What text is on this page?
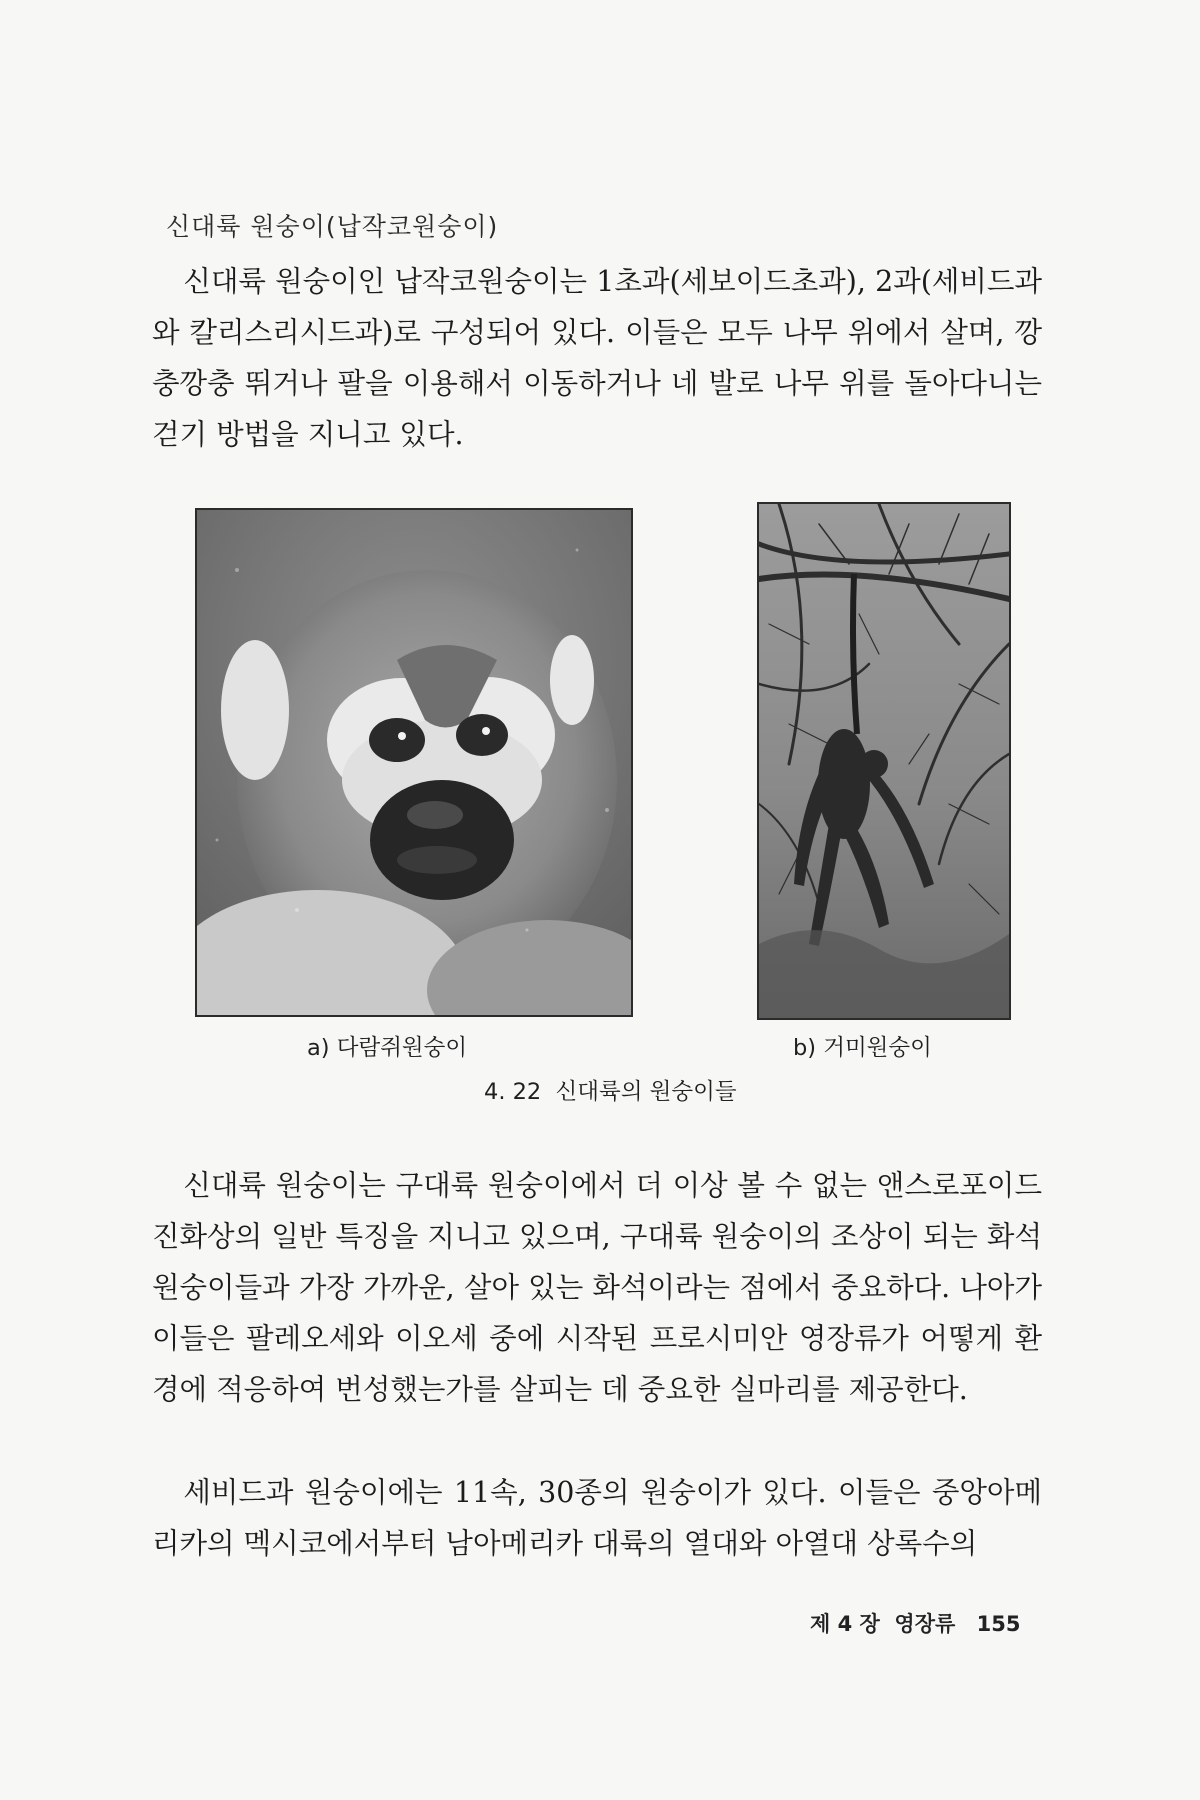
신대륙 원숭이(납작코원숭이)

신대륙 원숭이인 납작코원숭이는 1초과(세보이드초과), 2과(세비드과와 칼리스리시드과)로 구성되어 있다. 이들은 모두 나무 위에서 살며, 깡충깡충 뛰거나 팔을 이용해서 이동하거나 네 발로 나무 위를 돌아다니는 걷기 방법을 지니고 있다.

a) 다람쥐원숭이	b) 거미원숭이
4. 22  신대륙의 원숭이들

신대륙 원숭이는 구대륙 원숭이에서 더 이상 볼 수 없는 앤스로포이드 진화상의 일반 특징을 지니고 있으며, 구대륙 원숭이의 조상이 되는 화석 원숭이들과 가장 가까운, 살아 있는 화석이라는 점에서 중요하다. 나아가 이들은 팔레오세와 이오세 중에 시작된 프로시미안 영장류가 어떻게 환경에 적응하여 번성했는가를 살피는 데 중요한 실마리를 제공한다.

세비드과 원숭이에는 11속, 30종의 원숭이가 있다. 이들은 중앙아메리카의 멕시코에서부터 남아메리카 대륙의 열대와 아열대 상록수의

제 4 장  영장류 155
